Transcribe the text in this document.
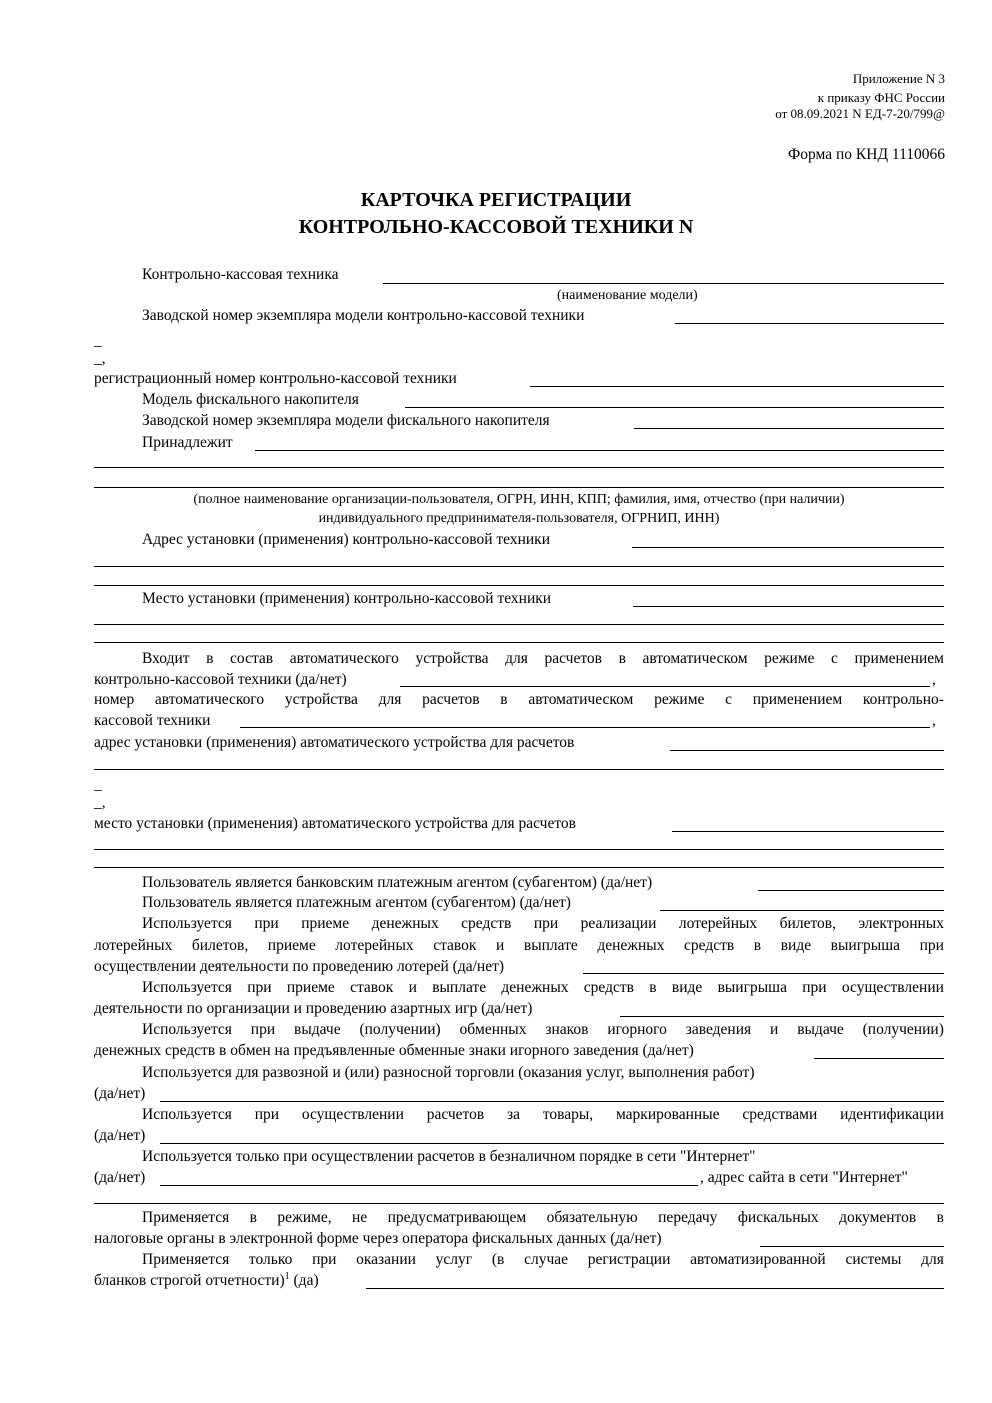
Приложение N 3
к приказу ФНС России
от 08.09.2021 N ЕД-7-20/799@
Форма по КНД 1110066
КАРТОЧКА РЕГИСТРАЦИИ
КОНТРОЛЬНО-КАССОВОЙ ТЕХНИКИ N
Контрольно-кассовая техника
(наименование модели)
Заводской номер экземпляра модели контрольно-кассовой техники
_
_,
регистрационный номер контрольно-кассовой техники
Модель фискального накопителя
Заводской номер экземпляра модели фискального накопителя
Принадлежит
(полное наименование организации-пользователя, ОГРН, ИНН, КПП; фамилия, имя, отчество (при наличии)
индивидуального предпринимателя-пользователя, ОГРНИП, ИНН)
Адрес установки (применения) контрольно-кассовой техники
Место установки (применения) контрольно-кассовой техники
Входит в состав автоматического устройства для расчетов в автоматическом режиме с применением
контрольно-кассовой техники (да/нет)	,
номер автоматического устройства для расчетов в автоматическом режиме с применением контрольно-
кассовой техники	,
адрес установки (применения) автоматического устройства для расчетов
_
_,
место установки (применения) автоматического устройства для расчетов
Пользователь является банковским платежным агентом (субагентом) (да/нет)
Пользователь является платежным агентом (субагентом) (да/нет)
Используется при приеме денежных средств при реализации лотерейных билетов, электронных
лотерейных билетов, приеме лотерейных ставок и выплате денежных средств в виде выигрыша при
осуществлении деятельности по проведению лотерей (да/нет)
Используется при приеме ставок и выплате денежных средств в виде выигрыша при осуществлении
деятельности по организации и проведению азартных игр (да/нет)
Используется при выдаче (получении) обменных знаков игорного заведения и выдаче (получении)
денежных средств в обмен на предъявленные обменные знаки игорного заведения (да/нет)
Используется для развозной и (или) разносной торговли (оказания услуг, выполнения работ)
(да/нет)
Используется при осуществлении расчетов за товары, маркированные средствами идентификации
(да/нет)
Используется только при осуществлении расчетов в безналичном порядке в сети "Интернет"
(да/нет)	, адрес сайта в сети "Интернет"
Применяется в режиме, не предусматривающем обязательную передачу фискальных документов в
налоговые органы в электронной форме через оператора фискальных данных (да/нет)
Применяется только при оказании услуг (в случае регистрации автоматизированной системы для
бланков строгой отчетности)$^1$ (да)
